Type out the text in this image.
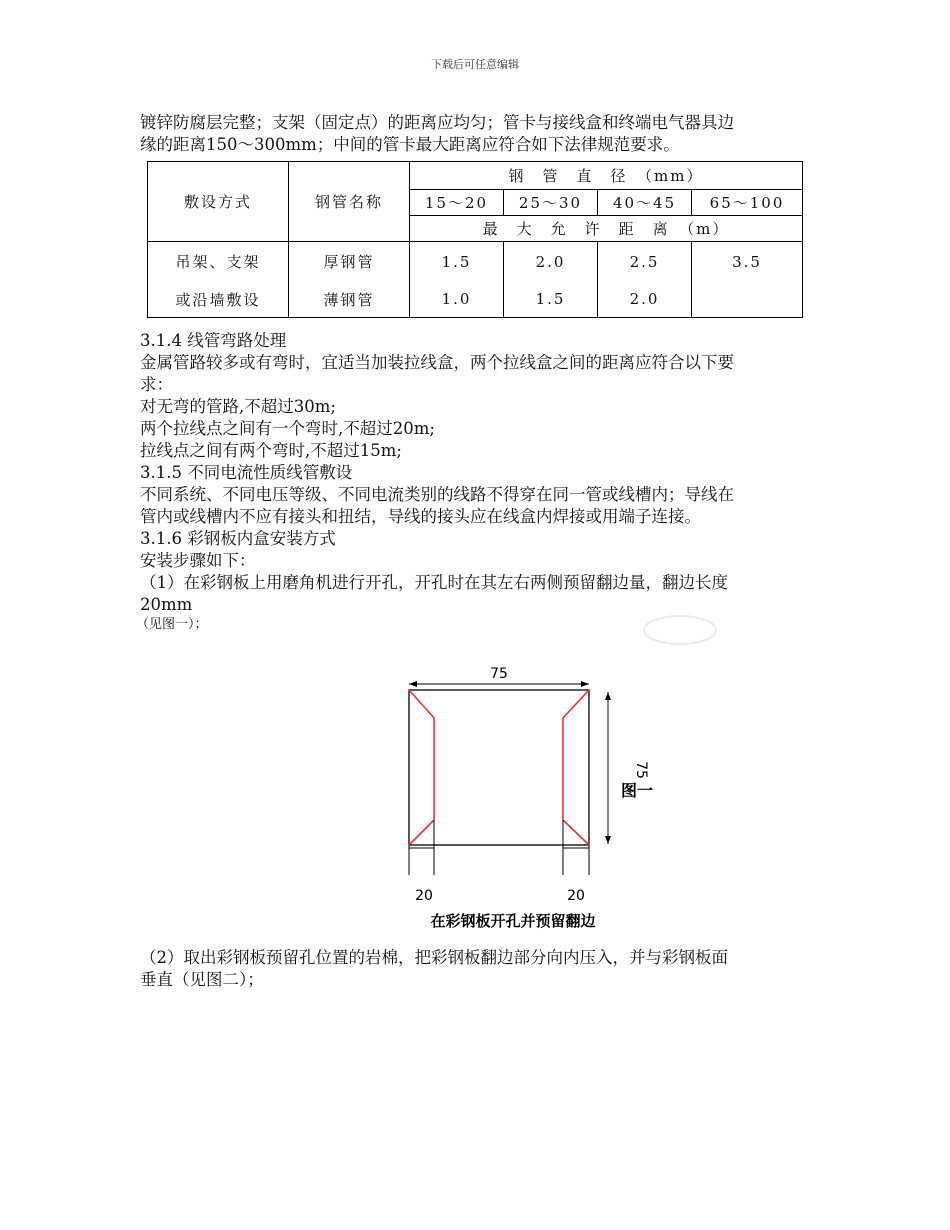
下载后可任意编辑
镀锌防腐层完整；支架（固定点）的距离应均匀；管卡与接线盒和终端电气器具边
缘的距离150～300mm；中间的管卡最大距离应符合如下法律规范要求。
敷设方式	钢管名称	钢　管　直　径　（mm）			
		15～20	25～30	40～45	65～100
		最　大　允　许　距　离　（m）			
吊架、支架	厚钢管	1.5	2.0	2.5	3.5
或沿墙敷设	薄钢管	1.0	1.5	2.0	
3.1.4 线管弯路处理
金属管路较多或有弯时，宜适当加装拉线盒，两个拉线盒之间的距离应符合以下要
求：
对无弯的管路,不超过30m;
两个拉线点之间有一个弯时,不超过20m;
拉线点之间有两个弯时,不超过15m;
3.1.5 不同电流性质线管敷设
不同系统、不同电压等级、不同电流类别的线路不得穿在同一管或线槽内；导线在
管内或线槽内不应有接头和扭结，导线的接头应在线盒内焊接或用端子连接。
3.1.6 彩钢板内盒安装方式
安装步骤如下：
（1）在彩钢板上用磨角机进行开孔，开孔时在其左右两侧预留翻边量，翻边长度
20mm
（见图一）；
75
75
图一
20	20
在彩钢板开孔并预留翻边
（2）取出彩钢板预留孔位置的岩棉，把彩钢板翻边部分向内压入，并与彩钢板面
垂直（见图二）；
